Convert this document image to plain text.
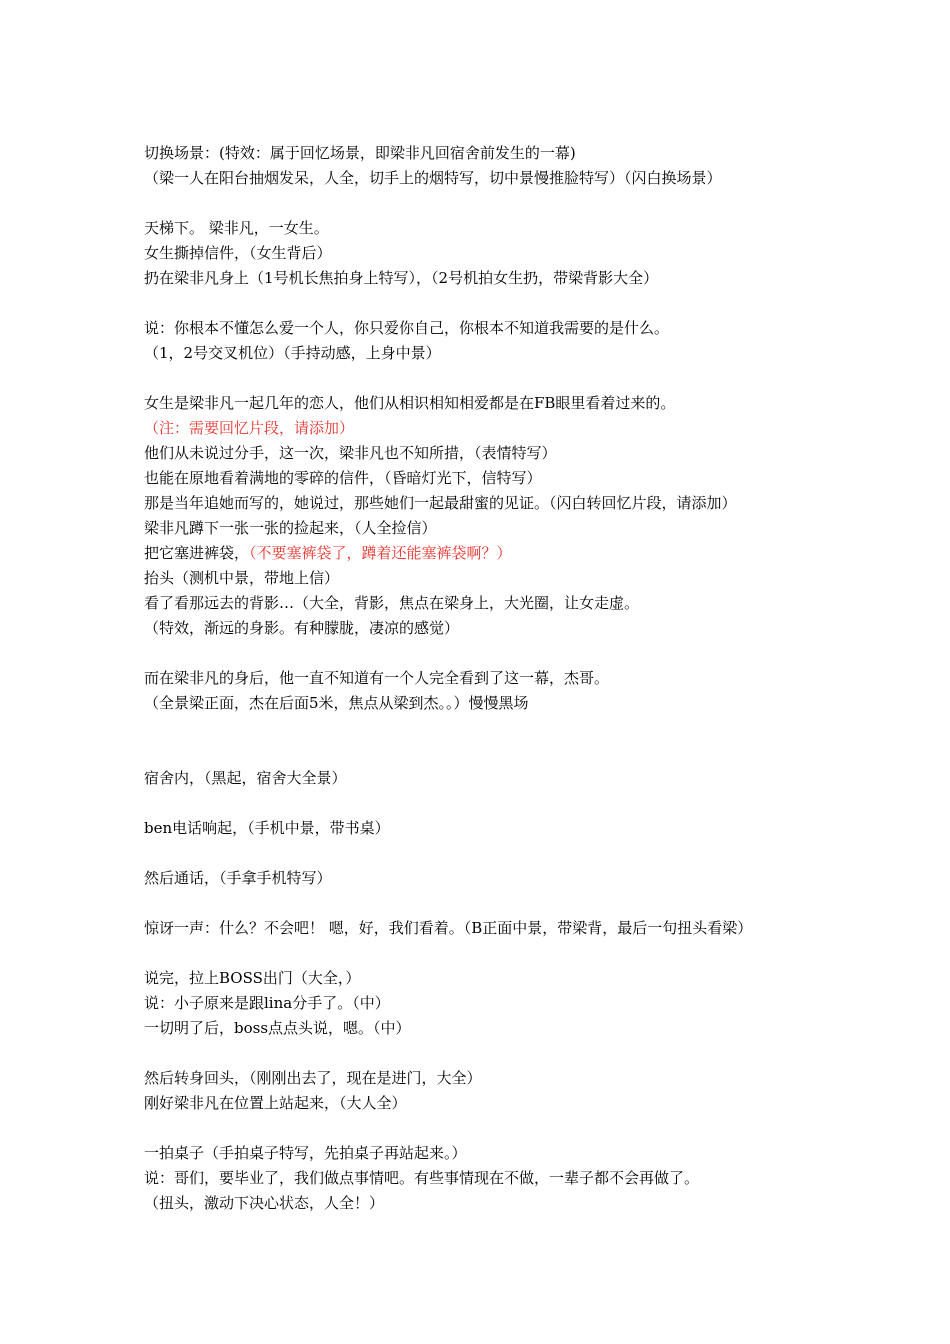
切换场景：(特效：属于回忆场景，即梁非凡回宿舍前发生的一幕)
（梁一人在阳台抽烟发呆，人全，切手上的烟特写，切中景慢推脸特写）（闪白换场景）
天梯下。 梁非凡，一女生。
女生撕掉信件，（女生背后）
扔在梁非凡身上（1号机长焦拍身上特写），（2号机拍女生扔，带梁背影大全）
说：你根本不懂怎么爱一个人，你只爱你自己，你根本不知道我需要的是什么。
（1，2号交叉机位）（手持动感，上身中景）
女生是梁非凡一起几年的恋人，他们从相识相知相爱都是在FB眼里看着过来的。
（注：需要回忆片段，请添加）
他们从未说过分手，这一次，梁非凡也不知所措，（表情特写）
也能在原地看着满地的零碎的信件，（昏暗灯光下，信特写）
那是当年追她而写的，她说过，那些她们一起最甜蜜的见证。（闪白转回忆片段，请添加）
梁非凡蹲下一张一张的捡起来，（人全捡信）
把它塞进裤袋，（不要塞裤袋了，蹲着还能塞裤袋啊？）
抬头（测机中景，带地上信）
看了看那远去的背影…（大全，背影，焦点在梁身上，大光圈，让女走虚。
（特效，渐远的身影。有种朦胧，凄凉的感觉）
而在梁非凡的身后，他一直不知道有一个人完全看到了这一幕，杰哥。
（全景梁正面，杰在后面5米，焦点从梁到杰。。）慢慢黑场
宿舍内，（黑起，宿舍大全景）
ben电话响起，（手机中景，带书桌）
然后通话，（手拿手机特写）
惊讶一声：什么？不会吧！ 嗯，好，我们看着。（B正面中景，带梁背，最后一句扭头看梁）
说完，拉上BOSS出门（大全，）
说：小子原来是跟lina分手了。（中）
一切明了后，boss点点头说，嗯。（中）
然后转身回头，（刚刚出去了，现在是进门，大全）
刚好梁非凡在位置上站起来，（大人全）
一拍桌子（手拍桌子特写，先拍桌子再站起来。）
说：哥们，要毕业了，我们做点事情吧。有些事情现在不做，一辈子都不会再做了。
（扭头，激动下决心状态，人全！）
